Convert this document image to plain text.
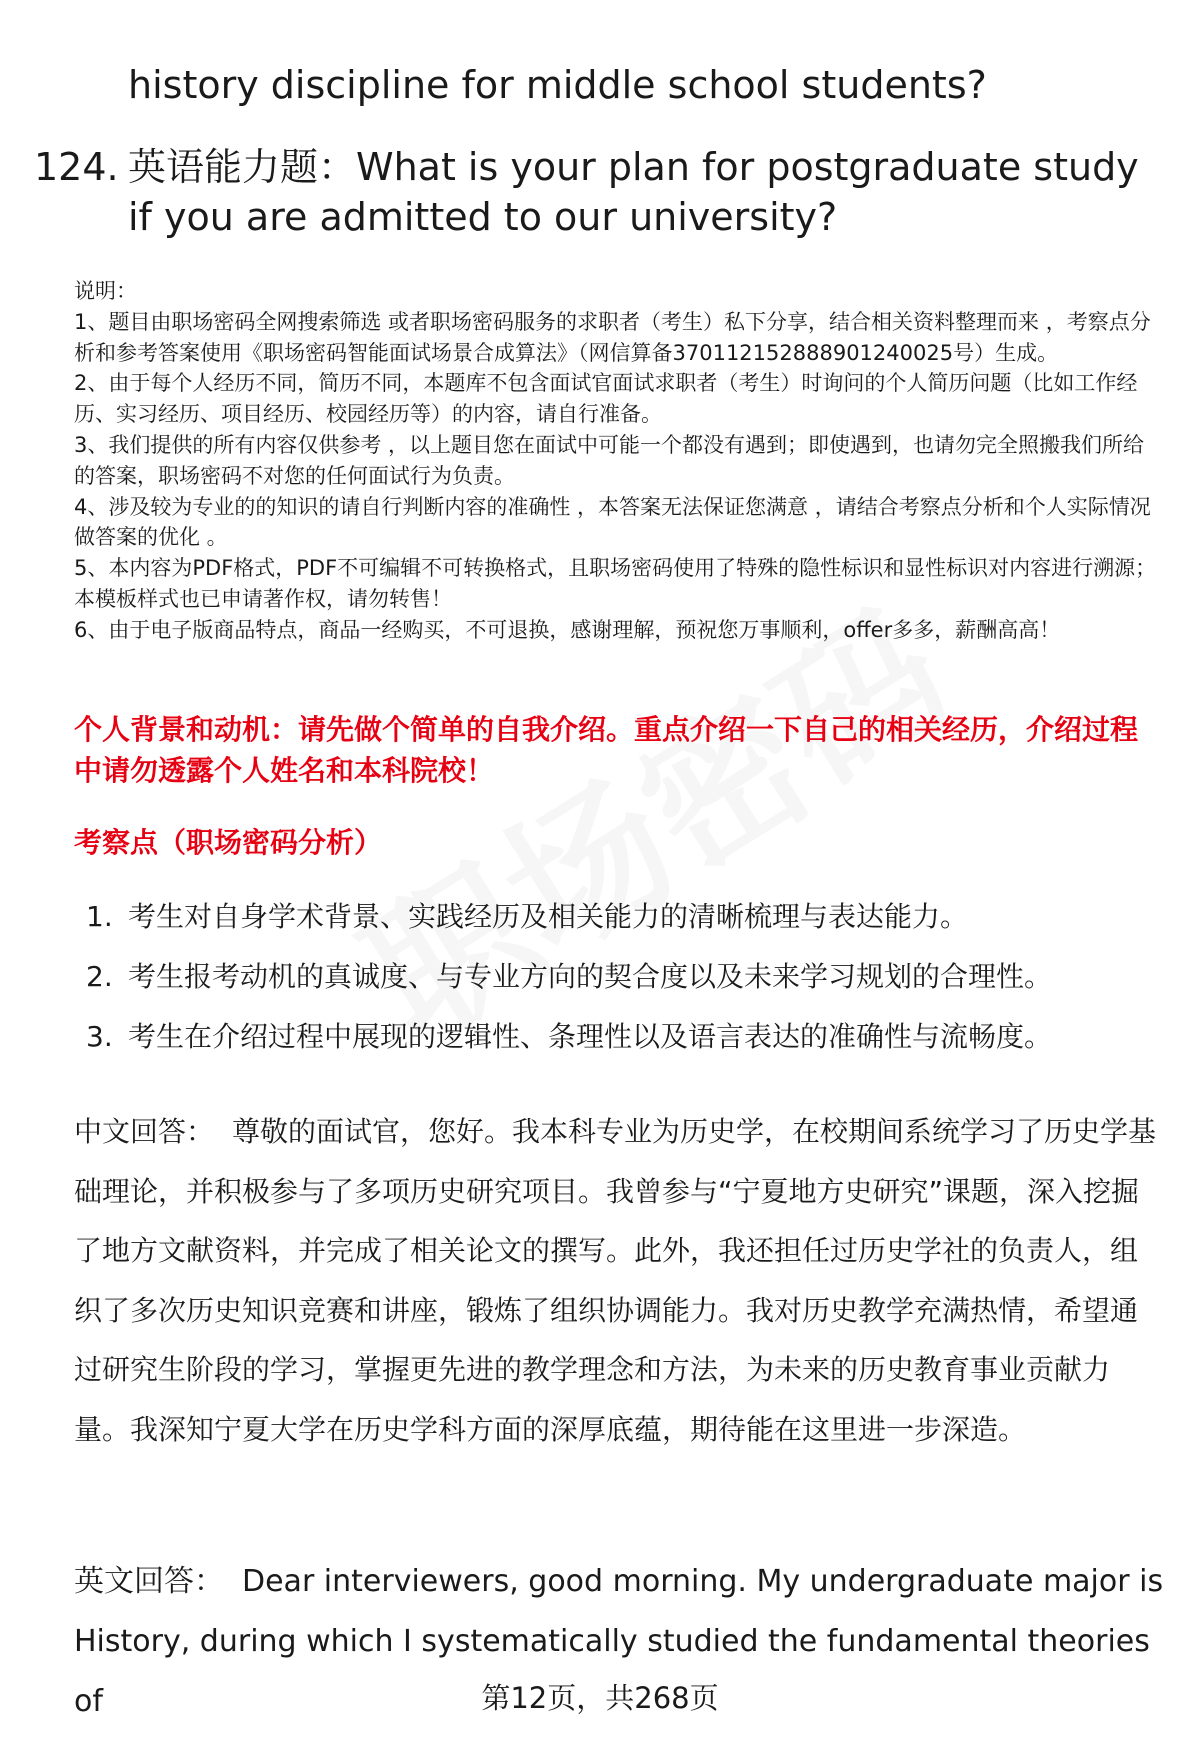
history discipline for middle school students?
124. 英语能力题：What is your plan for postgraduate study if you are admitted to our university?
说明：
1、题目由职场密码全网搜索筛选 或者职场密码服务的求职者（考生）私下分享，结合相关资料整理而来 ，考察点分析和参考答案使用《职场密码智能面试场景合成算法》（网信算备370112152888901240025号）生成。
2、由于每个人经历不同，简历不同，本题库不包含面试官面试求职者（考生）时询问的个人简历问题（比如工作经历、实习经历、项目经历、校园经历等）的内容，请自行准备。
3、我们提供的所有内容仅供参考 ，以上题目您在面试中可能一个都没有遇到；即使遇到，也请勿完全照搬我们所给的答案，职场密码不对您的任何面试行为负责。
4、涉及较为专业的的知识的请自行判断内容的准确性 ，本答案无法保证您满意 ，请结合考察点分析和个人实际情况做答案的优化 。
5、本内容为PDF格式，PDF不可编辑不可转换格式，且职场密码使用了特殊的隐性标识和显性标识对内容进行溯源；本模板样式也已申请著作权，请勿转售！
6、由于电子版商品特点，商品一经购买，不可退换，感谢理解，预祝您万事顺利，offer多多，薪酬高高！
个人背景和动机：请先做个简单的自我介绍。重点介绍一下自己的相关经历，介绍过程中请勿透露个人姓名和本科院校！
考察点（职场密码分析）
1. 考生对自身学术背景、实践经历及相关能力的清晰梳理与表达能力。
2. 考生报考动机的真诚度、与专业方向的契合度以及未来学习规划的合理性。
3. 考生在介绍过程中展现的逻辑性、条理性以及语言表达的准确性与流畅度。
中文回答： 尊敬的面试官，您好。我本科专业为历史学，在校期间系统学习了历史学基础理论，并积极参与了多项历史研究项目。我曾参与“宁夏地方史研究”课题，深入挖掘了地方文献资料，并完成了相关论文的撰写。此外，我还担任过历史学社的负责人，组织了多次历史知识竞赛和讲座，锻炼了组织协调能力。我对历史教学充满热情，希望通过研究生阶段的学习，掌握更先进的教学理念和方法，为未来的历史教育事业贡献力量。我深知宁夏大学在历史学科方面的深厚底蕴，期待能在这里进一步深造。
英文回答： Dear interviewers, good morning. My undergraduate major is History, during which I systematically studied the fundamental theories of	第12页，共268页
